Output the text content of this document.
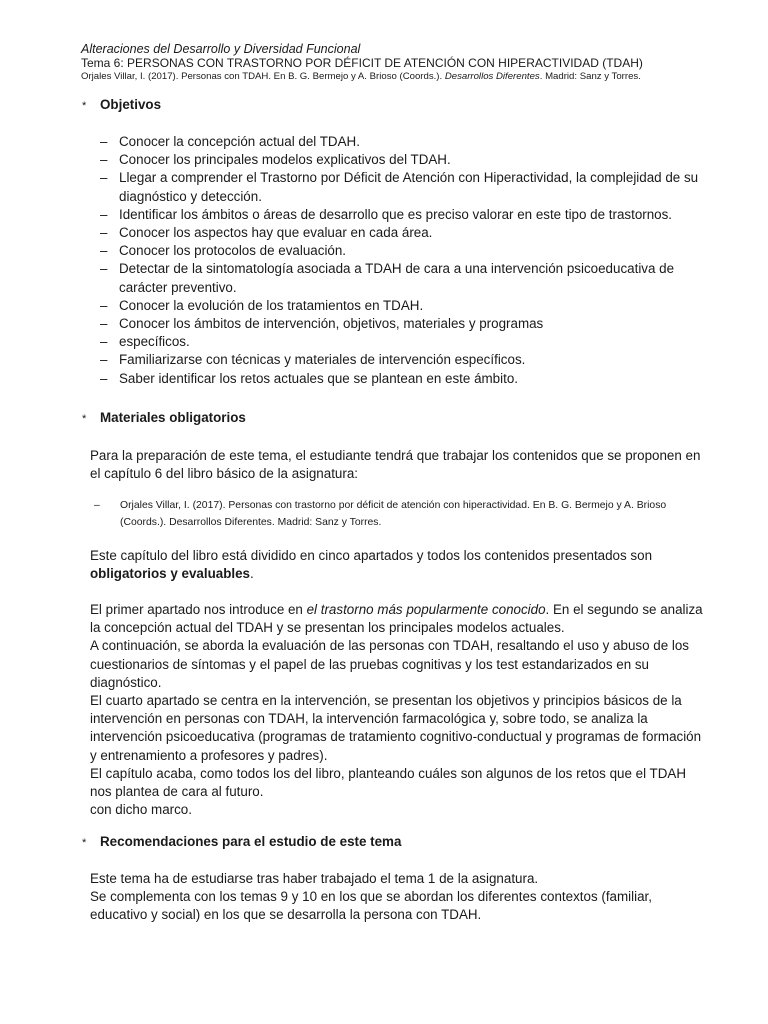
Alteraciones del Desarrollo y Diversidad Funcional
Tema 6: PERSONAS CON TRASTORNO POR DÉFICIT DE ATENCIÓN CON HIPERACTIVIDAD (TDAH)
Orjales Villar, I. (2017). Personas con TDAH. En B. G. Bermejo y A. Brioso (Coords.). Desarrollos Diferentes. Madrid: Sanz y Torres.
* Objetivos
– Conocer la concepción actual del TDAH.
– Conocer los principales modelos explicativos del TDAH.
– Llegar a comprender el Trastorno por Déficit de Atención con Hiperactividad, la complejidad de su diagnóstico y detección.
– Identificar los ámbitos o áreas de desarrollo que es preciso valorar en este tipo de trastornos.
– Conocer los aspectos hay que evaluar en cada área.
– Conocer los protocolos de evaluación.
– Detectar de la sintomatología asociada a TDAH de cara a una intervención psicoeducativa de carácter preventivo.
– Conocer la evolución de los tratamientos en TDAH.
– Conocer los ámbitos de intervención, objetivos, materiales y programas
– específicos.
– Familiarizarse con técnicas y materiales de intervención específicos.
– Saber identificar los retos actuales que se plantean en este ámbito.
* Materiales obligatorios

Para la preparación de este tema, el estudiante tendrá que trabajar los contenidos que se proponen en el capítulo 6 del libro básico de la asignatura:

–	Orjales Villar, I. (2017). Personas con trastorno por déficit de atención con hiperactividad. En B. G. Bermejo y A. Brioso (Coords.). Desarrollos Diferentes. Madrid: Sanz y Torres.

Este capítulo del libro está dividido en cinco apartados y todos los contenidos presentados son obligatorios y evaluables.

El primer apartado nos introduce en el trastorno más popularmente conocido. En el segundo se analiza la concepción actual del TDAH y se presentan los principales modelos actuales.

A continuación, se aborda la evaluación de las personas con TDAH, resaltando el uso y abuso de los cuestionarios de síntomas y el papel de las pruebas cognitivas y los test estandarizados en su diagnóstico.

El cuarto apartado se centra en la intervención, se presentan los objetivos y principios básicos de la intervención en personas con TDAH, la intervención farmacológica y, sobre todo, se analiza la intervención psicoeducativa (programas de tratamiento cognitivo-conductual y programas de formación y entrenamiento a profesores y padres).

El capítulo acaba, como todos los del libro, planteando cuáles son algunos de los retos que el TDAH nos plantea de cara al futuro.

con dicho marco.

* Recomendaciones para el estudio de este tema

Este tema ha de estudiarse tras haber trabajado el tema 1 de la asignatura.

Se complementa con los temas 9 y 10 en los que se abordan los diferentes contextos (familiar, educativo y social) en los que se desarrolla la persona con TDAH.
